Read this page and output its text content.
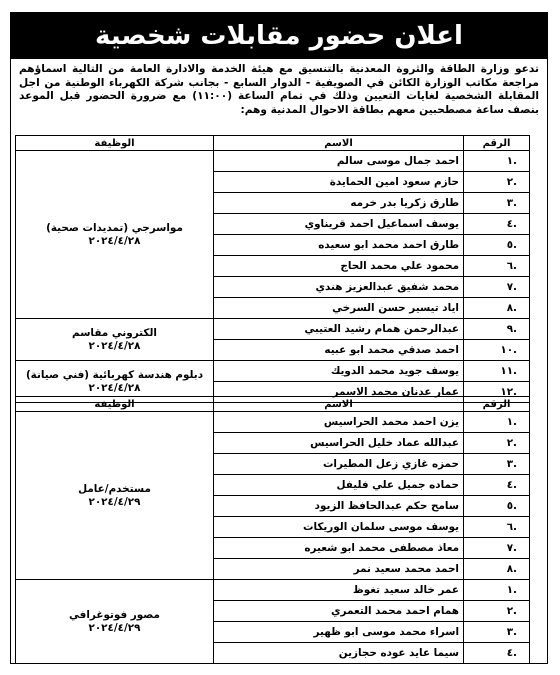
اعلان حضور مقابلات شخصية
تدعو وزارة الطاقة والثروة المعدنية بالتنسيق مع هيئة الخدمة والادارة العامة من التالية اسماؤهم مراجعة مكاتب الوزارة الكائن في الصويفية - الدوار السابع - بجانب شركة الكهرباء الوطنية من اجل المقابلة الشخصية لغايات التعيين وذلك في تمام الساعة (١١:٠٠) مع ضرورة الحضور قبل الموعد بنصف ساعة مصطحبين معهم بطاقة الاحوال المدنية وهم:
الرقم	الاسم	الوظيفة
.١	احمد جمال موسى سالم	مواسرجي (تمديدات صحية)
٢٠٢٤/٤/٢٨

.٢	حازم سعود امين الحمايدة	
.٣	طارق زكريا بدر خرمه	
.٤	يوسف اسماعيل احمد قريناوي	
.٥	طارق احمد محمد ابو سعيده	
.٦	محمود علي محمد الحاج	
.٧	محمد شفيق عبدالعزيز هندي	
.٨	اياد تيسير حسن السرخي	
.٩	عبدالرحمن همام رشيد العتيبي	الكتروني مقاسم
٢٠٢٤/٤/٢٨

.١٠	احمد صدقي محمد ابو عبيه	
.١١	يوسف جويد محمد الدويك	دبلوم هندسة كهربائية (فني صيانة)
٢٠٢٤/٤/٢٨

.١٢	عمار عدنان محمد الاسمر	
الرقم	الاسم	الوظيفة
.١	يزن احمد محمد الحراسيس	مستخدم/عامل
٢٠٢٤/٤/٢٩

.٢	عبدالله عماد خليل الحراسيس	
.٣	حمزه غازي زعل المطيرات	
.٤	حماده جميل علي فليفل	
.٥	سامح حكم عبدالحافظ الزيود	
.٦	يوسف موسى سلمان الوريكات	
.٧	معاذ مصطفى محمد ابو شعيره	
.٨	احمد محمد سعيد نمر	
.١	عمر خالد سعيد تغوظ	مصور فوتوغرافي
٢٠٢٤/٤/٢٩

.٢	همام احمد محمد التعمري	
.٣	اسراء محمد موسى ابو ظهير	
.٤	سيما عايد عوده حجازين	
